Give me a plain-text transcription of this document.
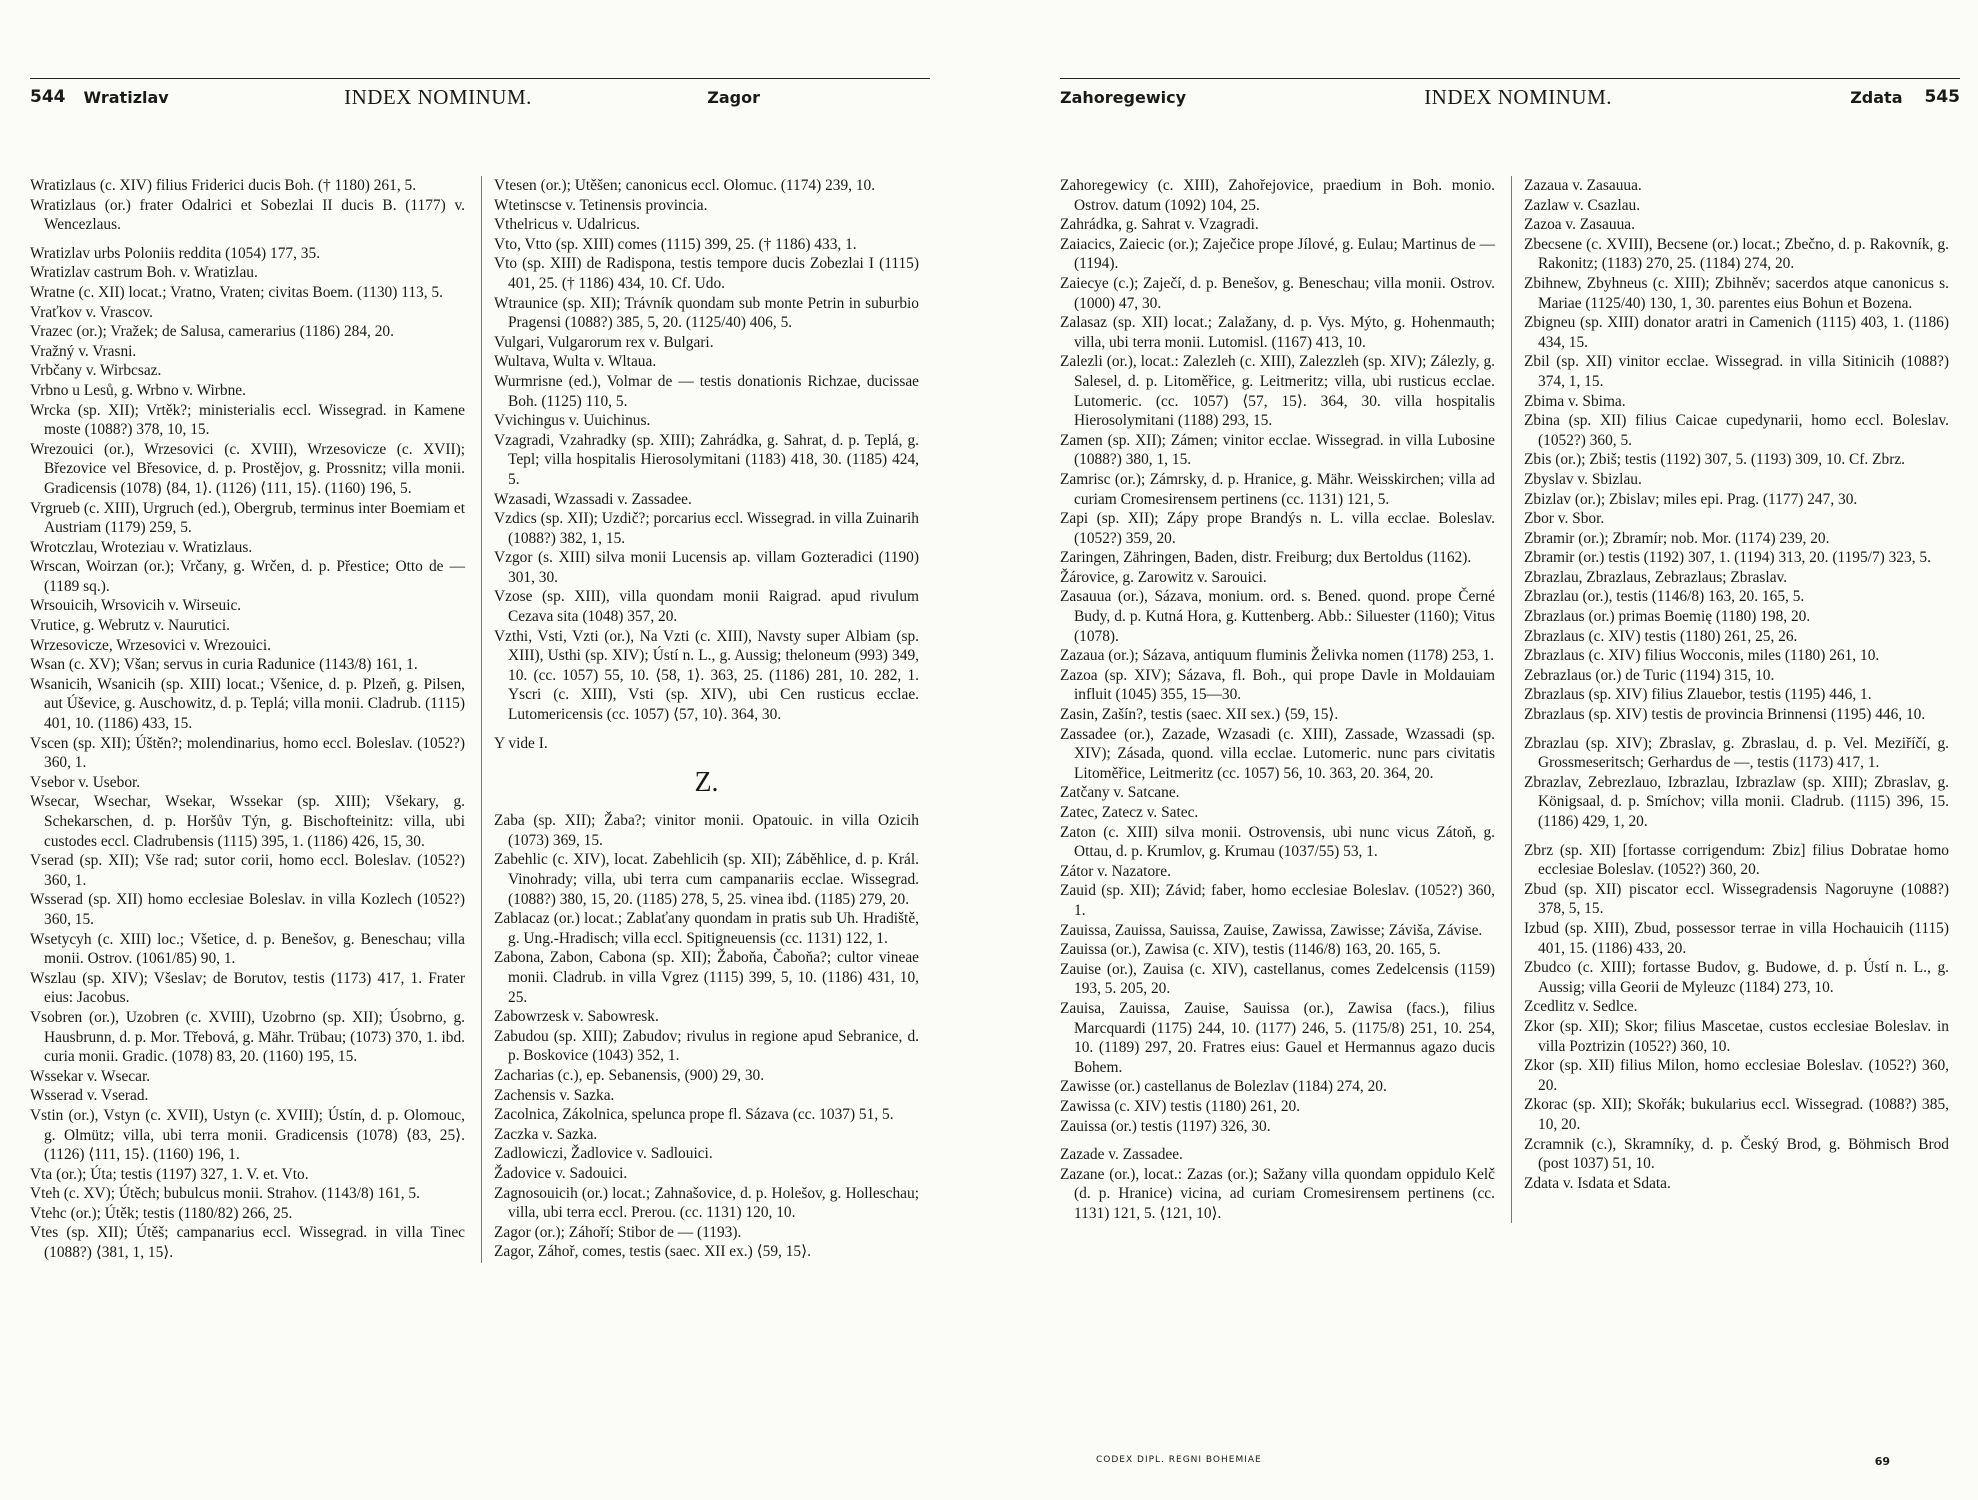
544 Wratizlav	INDEX NOMINUM.	Zagor

Wratizlaus (c. XIV) filius Friderici ducis Boh. († 1180) 261, 5.

Wratizlaus (or.) frater Odalrici et Sobezlai II ducis B. (1177) v. Wencezlaus.

Wratizlav urbs Poloniis reddita (1054) 177, 35.

Wratizlav castrum Boh. v. Wratizlau.

Wratne (c. XII) locat.; Vratno, Vraten; civitas Boem. (1130) 113, 5.

Vraťkov v. Vrascov.

Vrazec (or.); Vražek; de Salusa, camerarius (1186) 284, 20.

Vražný v. Vrasni.

Vrbčany v. Wirbcsaz.

Vrbno u Lesů, g. Wrbno v. Wirbne.

Wrcka (sp. XII); Vrtěk?; ministerialis eccl. Wissegrad. in Kamene moste (1088?) 378, 10, 15.

Wrezouici (or.), Wrzesovici (c. XVIII), Wrzesovicze (c. XVII); Březovice vel Břesovice, d. p. Prostějov, g. Prossnitz; villa monii. Gradicensis (1078) ⟨84, 1⟩. (1126) ⟨111, 15⟩. (1160) 196, 5.

Vrgrueb (c. XIII), Urgruch (ed.), Obergrub, terminus inter Boemiam et Austriam (1179) 259, 5.

Wrotczlau, Wroteziau v. Wratizlaus.

Wrscan, Woirzan (or.); Vrčany, g. Wrčen, d. p. Přestice; Otto de — (1189 sq.).

Wrsouicih, Wrsovicih v. Wirseuic.

Vrutice, g. Webrutz v. Naurutici.

Wrzesovicze, Wrzesovici v. Wrezouici.

Wsan (c. XV); Všan; servus in curia Radunice (1143/8) 161, 1.

Wsanicih, Wsanicih (sp. XIII) locat.; Všenice, d. p. Plzeň, g. Pilsen, aut Úševice, g. Auschowitz, d. p. Teplá; villa monii. Cladrub. (1115) 401, 10. (1186) 433, 15.

Vscen (sp. XII); Úštěn?; molendinarius, homo eccl. Boleslav. (1052?) 360, 1.

Vsebor v. Usebor.

Wsecar, Wsechar, Wsekar, Wssekar (sp. XIII); Všekary, g. Schekarschen, d. p. Horšův Týn, g. Bischofteinitz: villa, ubi custodes eccl. Cladrubensis (1115) 395, 1. (1186) 426, 15, 30.

Vserad (sp. XII); Vše rad; sutor corii, homo eccl. Boleslav. (1052?) 360, 1.

Wsserad (sp. XII) homo ecclesiae Boleslav. in villa Kozlech (1052?) 360, 15.

Wsetycyh (c. XIII) loc.; Všetice, d. p. Benešov, g. Beneschau; villa monii. Ostrov. (1061/85) 90, 1.

Wszlau (sp. XIV); Všeslav; de Borutov, testis (1173) 417, 1. Frater eius: Jacobus.

Vsobren (or.), Uzobren (c. XVIII), Uzobrno (sp. XII); Úsobrno, g. Hausbrunn, d. p. Mor. Třebová, g. Mähr. Trübau; (1073) 370, 1. ibd. curia monii. Gradic. (1078) 83, 20. (1160) 195, 15.

Wssekar v. Wsecar.

Wsserad v. Vserad.

Vstin (or.), Vstyn (c. XVII), Ustyn (c. XVIII); Ústín, d. p. Olomouc, g. Olmütz; villa, ubi terra monii. Gradicensis (1078) ⟨83, 25⟩. (1126) ⟨111, 15⟩. (1160) 196, 1.

Vta (or.); Úta; testis (1197) 327, 1. V. et. Vto.

Vteh (c. XV); Útěch; bubulcus monii. Strahov. (1143/8) 161, 5.

Vtehc (or.); Útěk; testis (1180/82) 266, 25.

Vtes (sp. XII); Útěš; campanarius eccl. Wissegrad. in villa Tinec (1088?) ⟨381, 1, 15⟩.

Vtesen (or.); Utěšen; canonicus eccl. Olomuc. (1174) 239, 10.

Wtetinscse v. Tetinensis provincia.

Vthelricus v. Udalricus.

Vto, Vtto (sp. XIII) comes (1115) 399, 25. († 1186) 433, 1.

Vto (sp. XIII) de Radispona, testis tempore ducis Zobezlai I (1115) 401, 25. († 1186) 434, 10. Cf. Udo.

Wtraunice (sp. XII); Trávník quondam sub monte Petrin in suburbio Pragensi (1088?) 385, 5, 20. (1125/40) 406, 5.

Vulgari, Vulgarorum rex v. Bulgari.

Wultava, Wulta v. Wltaua.

Wurmrisne (ed.), Volmar de — testis donationis Richzae, ducissae Boh. (1125) 110, 5.

Vvichingus v. Uuichinus.

Vzagradi, Vzahradky (sp. XIII); Zahrádka, g. Sahrat, d. p. Teplá, g. Tepl; villa hospitalis Hierosolymitani (1183) 418, 30. (1185) 424, 5.

Wzasadi, Wzassadi v. Zassadee.

Vzdics (sp. XII); Uzdič?; porcarius eccl. Wissegrad. in villa Zuinarih (1088?) 382, 1, 15.

Vzgor (s. XIII) silva monii Lucensis ap. villam Gozteradici (1190) 301, 30.

Vzose (sp. XIII), villa quondam monii Raigrad. apud rivulum Cezava sita (1048) 357, 20.

Vzthi, Vsti, Vzti (or.), Na Vzti (c. XIII), Navsty super Albiam (sp. XIII), Usthi (sp. XIV); Ústí n. L., g. Aussig; theloneum (993) 349, 10. (cc. 1057) 55, 10. ⟨58, 1⟩. 363, 25. (1186) 281, 10. 282, 1. Yscri (c. XIII), Vsti (sp. XIV), ubi Cen rusticus ecclae. Lutomericensis (cc. 1057) ⟨57, 10⟩. 364, 30.

Y vide I.

Z.

Zaba (sp. XII); Žaba?; vinitor monii. Opatouic. in villa Ozicih (1073) 369, 15.

Zabehlic (c. XIV), locat. Zabehlicih (sp. XII); Záběhlice, d. p. Král. Vinohrady; villa, ubi terra cum campanariis ecclae. Wissegrad. (1088?) 380, 15, 20. (1185) 278, 5, 25. vinea ibd. (1185) 279, 20.

Zablacaz (or.) locat.; Zablaťany quondam in pratis sub Uh. Hradiště, g. Ung.-Hradisch; villa eccl. Spitigneuensis (cc. 1131) 122, 1.

Zabona, Zabon, Cabona (sp. XII); Žaboňa, Čaboňa?; cultor vineae monii. Cladrub. in villa Vgrez (1115) 399, 5, 10. (1186) 431, 10, 25.

Zabowrzesk v. Sabowresk.

Zabudou (sp. XIII); Zabudov; rivulus in regione apud Sebranice, d. p. Boskovice (1043) 352, 1.

Zacharias (c.), ep. Sebanensis, (900) 29, 30.

Zachensis v. Sazka.

Zacolnica, Zákolnica, spelunca prope fl. Sázava (cc. 1037) 51, 5.

Zaczka v. Sazka.

Zadlowiczi, Žadlovice v. Sadlouici.

Žadovice v. Sadouici.

Zagnosouicih (or.) locat.; Zahnašovice, d. p. Holešov, g. Holleschau; villa, ubi terra eccl. Prerou. (cc. 1131) 120, 10.

Zagor (or.); Záhoří; Stibor de — (1193).

Zagor, Záhoř, comes, testis (saec. XII ex.) ⟨59, 15⟩.

Zahoregewicy	INDEX NOMINUM.	Zdata 545

Zahoregewicy (c. XIII), Zahořejovice, praedium in Boh. monio. Ostrov. datum (1092) 104, 25.

Zahrádka, g. Sahrat v. Vzagradi.

Zaiacics, Zaiecic (or.); Zaječice prope Jílové, g. Eulau; Martinus de — (1194).

Zaiecye (c.); Zaječí, d. p. Benešov, g. Beneschau; villa monii. Ostrov. (1000) 47, 30.

Zalasaz (sp. XII) locat.; Zalažany, d. p. Vys. Mýto, g. Hohenmauth; villa, ubi terra monii. Lutomisl. (1167) 413, 10.

Zalezli (or.), locat.: Zalezleh (c. XIII), Zalezzleh (sp. XIV); Zálezly, g. Salesel, d. p. Litoměřice, g. Leitmeritz; villa, ubi rusticus ecclae. Lutomeric. (cc. 1057) ⟨57, 15⟩. 364, 30. villa hospitalis Hierosolymitani (1188) 293, 15.

Zamen (sp. XII); Zámen; vinitor ecclae. Wissegrad. in villa Lubosine (1088?) 380, 1, 15.

Zamrisc (or.); Zámrsky, d. p. Hranice, g. Mähr. Weisskirchen; villa ad curiam Cromesirensem pertinens (cc. 1131) 121, 5.

Zapi (sp. XII); Zápy prope Brandýs n. L. villa ecclae. Boleslav. (1052?) 359, 20.

Zaringen, Zähringen, Baden, distr. Freiburg; dux Bertoldus (1162).

Žárovice, g. Zarowitz v. Sarouici.

Zasauua (or.), Sázava, monium. ord. s. Bened. quond. prope Černé Budy, d. p. Kutná Hora, g. Kuttenberg. Abb.: Siluester (1160); Vitus (1078).

Zazaua (or.); Sázava, antiquum fluminis Želivka nomen (1178) 253, 1.

Zazoa (sp. XIV); Sázava, fl. Boh., qui prope Davle in Moldauiam influit (1045) 355, 15—30.

Zasin, Zašín?, testis (saec. XII sex.) ⟨59, 15⟩.

Zassadee (or.), Zazade, Wzasadi (c. XIII), Zassade, Wzassadi (sp. XIV); Zásada, quond. villa ecclae. Lutomeric. nunc pars civitatis Litoměřice, Leitmeritz (cc. 1057) 56, 10. 363, 20. 364, 20.

Zatčany v. Satcane.

Zatec, Zatecz v. Satec.

Zaton (c. XIII) silva monii. Ostrovensis, ubi nunc vicus Zátoň, g. Ottau, d. p. Krumlov, g. Krumau (1037/55) 53, 1.

Zátor v. Nazatore.

Zauid (sp. XII); Závid; faber, homo ecclesiae Boleslav. (1052?) 360, 1.

Zauissa, Zauissa, Sauissa, Zauise, Zawissa, Zawisse; Záviša, Závise.

Zauissa (or.), Zawisa (c. XIV), testis (1146/8) 163, 20. 165, 5.

Zauise (or.), Zauisa (c. XIV), castellanus, comes Zedelcensis (1159) 193, 5. 205, 20.

Zauisa, Zauissa, Zauise, Sauissa (or.), Zawisa (facs.), filius Marcquardi (1175) 244, 10. (1177) 246, 5. (1175/8) 251, 10. 254, 10. (1189) 297, 20. Fratres eius: Gauel et Hermannus agazo ducis Bohem.

Zawisse (or.) castellanus de Bolezlav (1184) 274, 20.

Zawissa (c. XIV) testis (1180) 261, 20.

Zauissa (or.) testis (1197) 326, 30.

Zazade v. Zassadee.

Zazane (or.), locat.: Zazas (or.); Sažany villa quondam oppidulo Kelč (d. p. Hranice) vicina, ad curiam Cromesirensem pertinens (cc. 1131) 121, 5. ⟨121, 10⟩.

Zazaua v. Zasauua.

Zazlaw v. Csazlau.

Zazoa v. Zasauua.

Zbecsene (c. XVIII), Becsene (or.) locat.; Zbečno, d. p. Rakovník, g. Rakonitz; (1183) 270, 25. (1184) 274, 20.

Zbihnew, Zbyhneus (c. XIII); Zbihněv; sacerdos atque canonicus s. Mariae (1125/40) 130, 1, 30. parentes eius Bohun et Bozena.

Zbigneu (sp. XIII) donator aratri in Camenich (1115) 403, 1. (1186) 434, 15.

Zbil (sp. XII) vinitor ecclae. Wissegrad. in villa Sitinicih (1088?) 374, 1, 15.

Zbima v. Sbima.

Zbina (sp. XII) filius Caicae cupedynarii, homo eccl. Boleslav. (1052?) 360, 5.

Zbis (or.); Zbiš; testis (1192) 307, 5. (1193) 309, 10. Cf. Zbrz.

Zbyslav v. Sbizlau.

Zbizlav (or.); Zbislav; miles epi. Prag. (1177) 247, 30.

Zbor v. Sbor.

Zbramir (or.); Zbramír; nob. Mor. (1174) 239, 20.

Zbramir (or.) testis (1192) 307, 1. (1194) 313, 20. (1195/7) 323, 5.

Zbrazlau, Zbrazlaus, Zebrazlaus; Zbraslav.

Zbrazlau (or.), testis (1146/8) 163, 20. 165, 5.

Zbrazlaus (or.) primas Boemię (1180) 198, 20.

Zbrazlaus (c. XIV) testis (1180) 261, 25, 26.

Zbrazlaus (c. XIV) filius Wocconis, miles (1180) 261, 10.

Zebrazlaus (or.) de Turic (1194) 315, 10.

Zbrazlaus (sp. XIV) filius Zlauebor, testis (1195) 446, 1.

Zbrazlaus (sp. XIV) testis de provincia Brinnensi (1195) 446, 10.

Zbrazlau (sp. XIV); Zbraslav, g. Zbraslau, d. p. Vel. Meziříčí, g. Grossmeseritsch; Gerhardus de —, testis (1173) 417, 1.

Zbrazlav, Zebrezlauo, Izbrazlau, Izbrazlaw (sp. XIII); Zbraslav, g. Königsaal, d. p. Smíchov; villa monii. Cladrub. (1115) 396, 15. (1186) 429, 1, 20.

Zbrz (sp. XII) [fortasse corrigendum: Zbiz] filius Dobratae homo ecclesiae Boleslav. (1052?) 360, 20.

Zbud (sp. XII) piscator eccl. Wissegradensis Nagoruyne (1088?) 378, 5, 15.

Izbud (sp. XIII), Zbud, possessor terrae in villa Hochauicih (1115) 401, 15. (1186) 433, 20.

Zbudco (c. XIII); fortasse Budov, g. Budowe, d. p. Ústí n. L., g. Aussig; villa Georii de Myleuzc (1184) 273, 10.

Zcedlitz v. Sedlce.

Zkor (sp. XII); Skor; filius Mascetae, custos ecclesiae Boleslav. in villa Poztrizin (1052?) 360, 10.

Zkor (sp. XII) filius Milon, homo ecclesiae Boleslav. (1052?) 360, 20.

Zkorac (sp. XII); Skořák; bukularius eccl. Wissegrad. (1088?) 385, 10, 20.

Zcramnik (c.), Skramníky, d. p. Český Brod, g. Böhmisch Brod (post 1037) 51, 10.

Zdata v. Isdata et Sdata.

CODEX DIPL. REGNI BOHEMIAE	69
